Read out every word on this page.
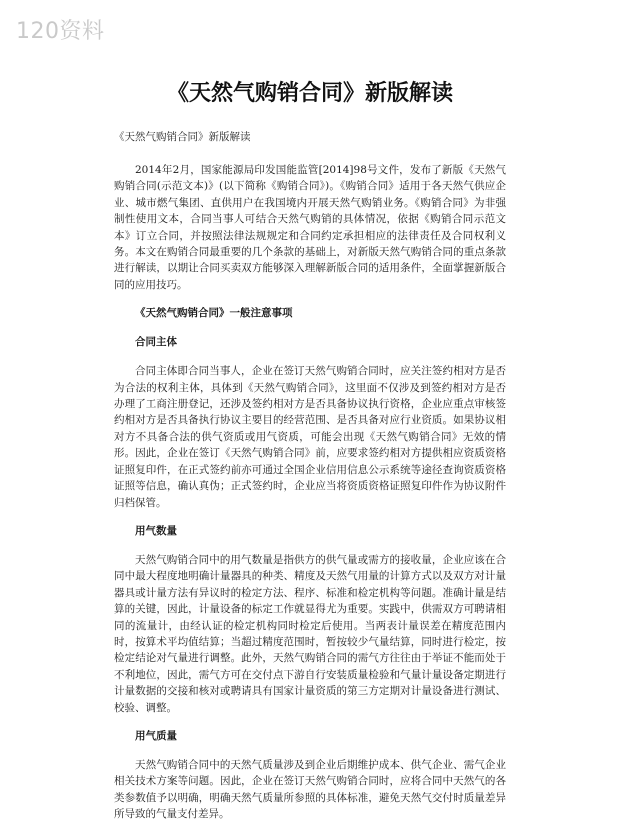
120资料
《天然气购销合同》新版解读
《天然气购销合同》新版解读

2014年2月，国家能源局印发国能监管[2014]98号文件，发布了新版《天然气购销合同(示范文本)》(以下简称《购销合同》)。《购销合同》适用于各天然气供应企业、城市燃气集团、直供用户在我国境内开展天然气购销业务。《购销合同》为非强制性使用文本，合同当事人可结合天然气购销的具体情况，依据《购销合同示范文本》订立合同，并按照法律法规规定和合同约定承担相应的法律责任及合同权利义务。本文在购销合同最重要的几个条款的基础上，对新版天然气购销合同的重点条款进行解读，以期让合同买卖双方能够深入理解新版合同的适用条件，全面掌握新版合同的应用技巧。

《天然气购销合同》一般注意事项
合同主体

合同主体即合同当事人，企业在签订天然气购销合同时，应关注签约相对方是否为合法的权利主体，具体到《天然气购销合同》，这里面不仅涉及到签约相对方是否办理了工商注册登记，还涉及签约相对方是否具备协议执行资格，企业应重点审核签约相对方是否具备执行协议主要目的经营范围、是否具备对应行业资质。如果协议相对方不具备合法的供气资质或用气资质，可能会出现《天然气购销合同》无效的情形。因此，企业在签订《天然气购销合同》前，应要求签约相对方提供相应资质资格证照复印件，在正式签约前亦可通过全国企业信用信息公示系统等途径查询资质资格证照等信息，确认真伪；正式签约时，企业应当将资质资格证照复印件作为协议附件归档保管。

用气数量

天然气购销合同中的用气数量是指供方的供气量或需方的接收量，企业应该在合同中最大程度地明确计量器具的种类、精度及天然气用量的计算方式以及双方对计量器具或计量方法有异议时的检定方法、程序、标准和检定机构等问题。准确计量是结算的关键，因此，计量设备的标定工作就显得尤为重要。实践中，供需双方可聘请相同的流量计，由经认证的检定机构同时检定后使用。当两表计量误差在精度范围内时，按算术平均值结算；当超过精度范围时，暂按较少气量结算，同时进行检定，按检定结论对气量进行调整。此外，天然气购销合同的需气方往往由于举证不能而处于不利地位，因此，需气方可在交付点下游自行安装质量检验和气量计量设备定期进行计量数据的交接和核对或聘请具有国家计量资质的第三方定期对计量设备进行测试、校验、调整。

用气质量

天然气购销合同中的天然气质量涉及到企业后期维护成本、供气企业、需气企业相关技术方案等问题。因此，企业在签订天然气购销合同时，应将合同中天然气的各类参数值予以明确，明确天然气质量所参照的具体标准，避免天然气交付时质量差异所导致的气量支付差异。
